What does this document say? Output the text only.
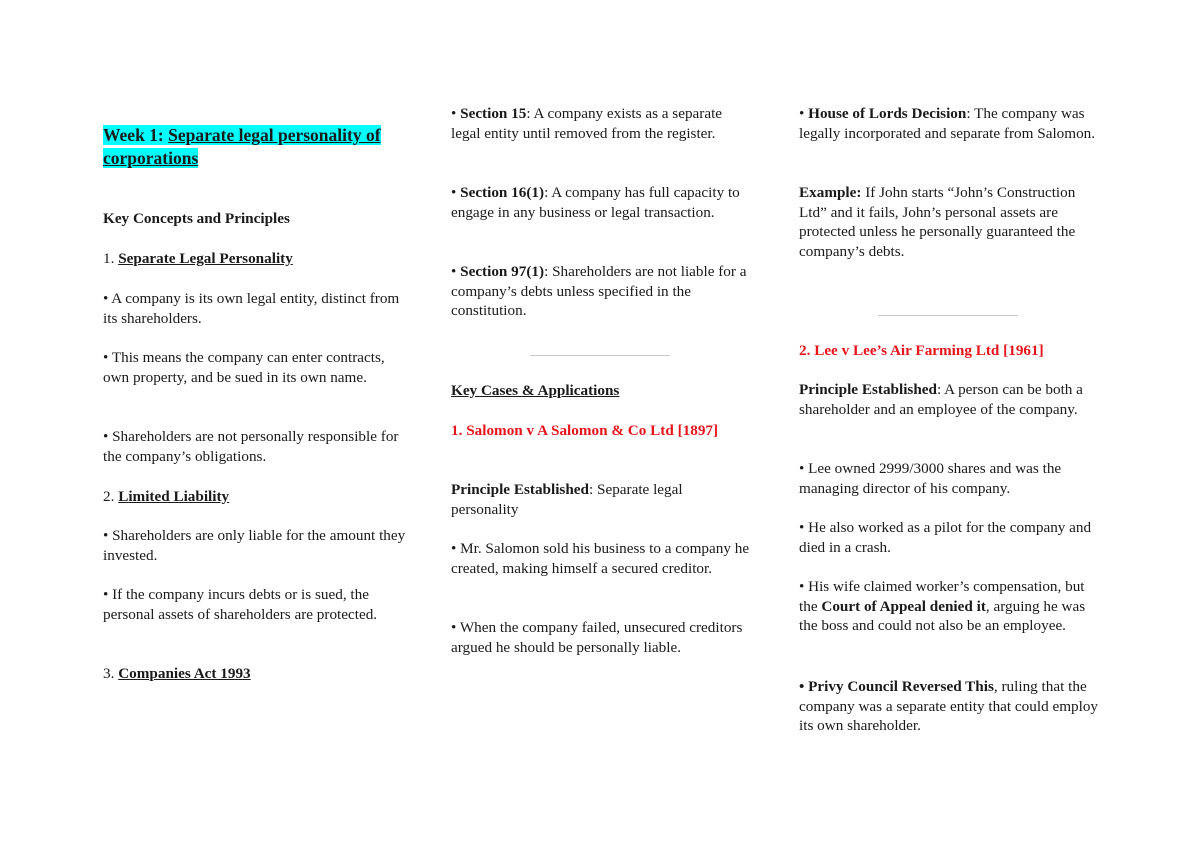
Week 1: Separate legal personality of corporations

Key Concepts and Principles

1. Separate Legal Personality

• A company is its own legal entity, distinct from its shareholders.

• This means the company can enter contracts, own property, and be sued in its own name.

• Shareholders are not personally responsible for the company’s obligations.

2. Limited Liability

• Shareholders are only liable for the amount they invested.

• If the company incurs debts or is sued, the personal assets of shareholders are protected.

3. Companies Act 1993

• Section 15: A company exists as a separate legal entity until removed from the register.

• Section 16(1): A company has full capacity to engage in any business or legal transaction.

• Section 97(1): Shareholders are not liable for a company’s debts unless specified in the constitution.

Key Cases & Applications

1. Salomon v A Salomon & Co Ltd [1897]

Principle Established: Separate legal personality

• Mr. Salomon sold his business to a company he created, making himself a secured creditor.

• When the company failed, unsecured creditors argued he should be personally liable.

• House of Lords Decision: The company was legally incorporated and separate from Salomon.

Example: If John starts “John’s Construction Ltd” and it fails, John’s personal assets are protected unless he personally guaranteed the company’s debts.

2. Lee v Lee’s Air Farming Ltd [1961]

Principle Established: A person can be both a shareholder and an employee of the company.

• Lee owned 2999/3000 shares and was the managing director of his company.

• He also worked as a pilot for the company and died in a crash.

• His wife claimed worker’s compensation, but the Court of Appeal denied it, arguing he was the boss and could not also be an employee.

• Privy Council Reversed This, ruling that the company was a separate entity that could employ its own shareholder.
